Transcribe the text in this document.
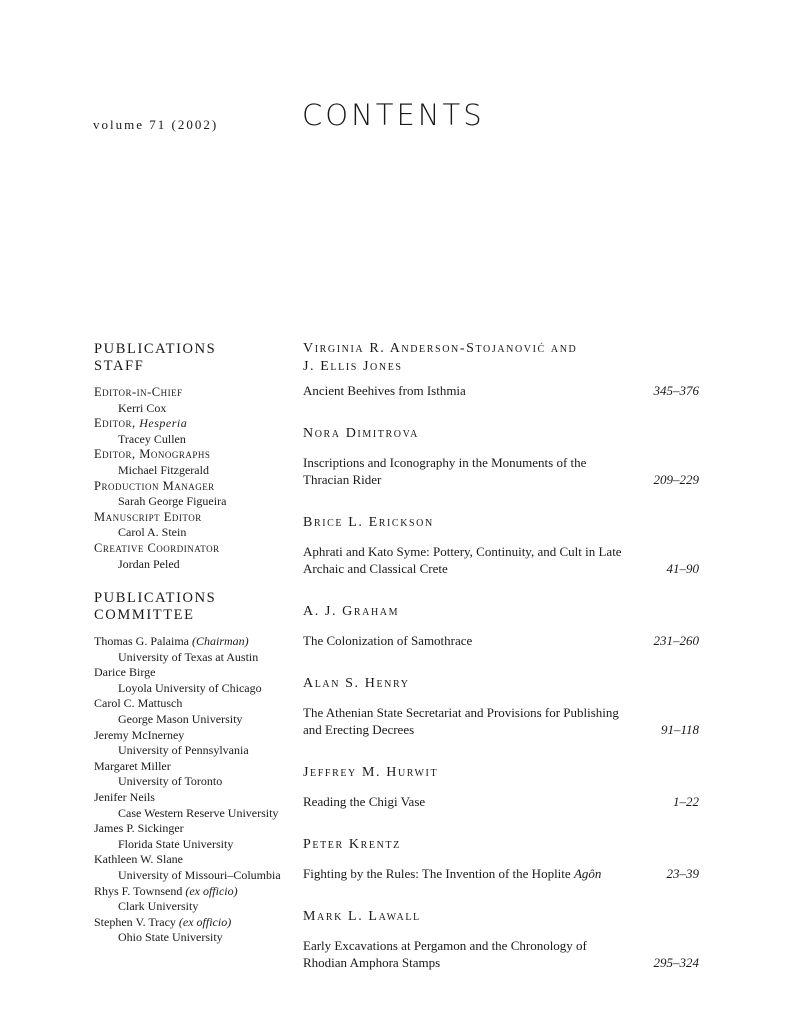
volume 71 (2002)	CONTENTS
PUBLICATIONS
STAFF
Editor-in-Chief
Kerri Cox
Editor, Hesperia
Tracey Cullen
Editor, Monographs
Michael Fitzgerald
Production Manager
Sarah George Figueira
Manuscript Editor
Carol A. Stein
Creative Coordinator
Jordan Peled
PUBLICATIONS
COMMITTEE
Thomas G. Palaima (Chairman)
University of Texas at Austin
Darice Birge
Loyola University of Chicago
Carol C. Mattusch
George Mason University
Jeremy McInerney
University of Pennsylvania
Margaret Miller
University of Toronto
Jenifer Neils
Case Western Reserve University
James P. Sickinger
Florida State University
Kathleen W. Slane
University of Missouri–Columbia
Rhys F. Townsend (ex officio)
Clark University
Stephen V. Tracy (ex officio)
Ohio State University
Virginia R. Anderson-Stojanović and
J. Ellis Jones
Ancient Beehives from Isthmia	345–376
Nora Dimitrova
Inscriptions and Iconography in the Monuments of the Thracian Rider	209–229
Brice L. Erickson
Aphrati and Kato Syme: Pottery, Continuity, and Cult in Late Archaic and Classical Crete	41–90
A. J. Graham
The Colonization of Samothrace	231–260
Alan S. Henry
The Athenian State Secretariat and Provisions for Publishing and Erecting Decrees	91–118
Jeffrey M. Hurwit
Reading the Chigi Vase	1–22
Peter Krentz
Fighting by the Rules: The Invention of the Hoplite Agôn	23–39
Mark L. Lawall
Early Excavations at Pergamon and the Chronology of Rhodian Amphora Stamps	295–324
